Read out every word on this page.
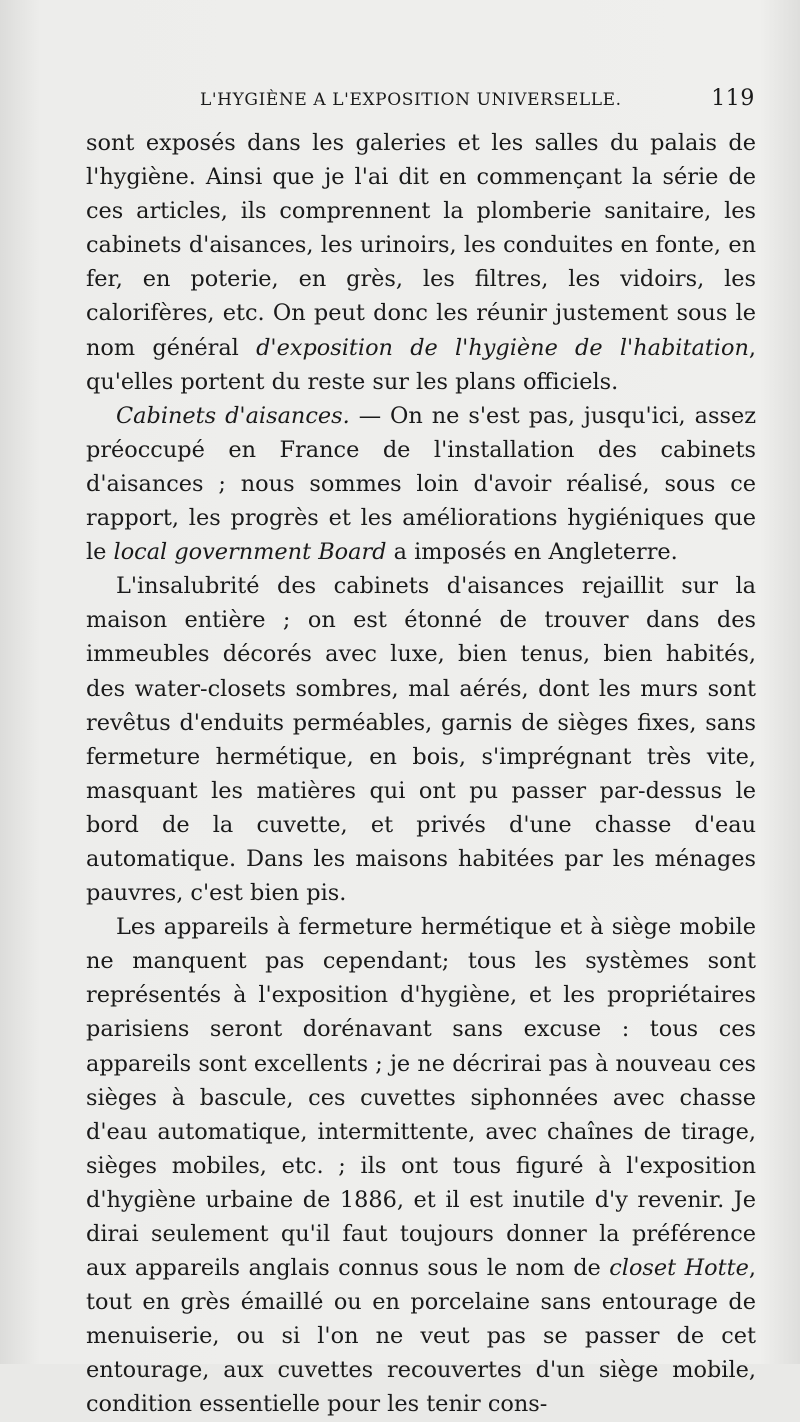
L'HYGIÈNE A L'EXPOSITION UNIVERSELLE.	119

sont exposés dans les galeries et les salles du palais de l'hygiène. Ainsi que je l'ai dit en commençant la série de ces articles, ils comprennent la plomberie sanitaire, les cabinets d'aisances, les urinoirs, les conduites en fonte, en fer, en poterie, en grès, les filtres, les vidoirs, les calorifères, etc. On peut donc les réunir justement sous le nom général d'exposition de l'hygiène de l'habitation, qu'elles portent du reste sur les plans officiels.

Cabinets d'aisances. — On ne s'est pas, jusqu'ici, assez préoccupé en France de l'installation des cabinets d'aisances ; nous sommes loin d'avoir réalisé, sous ce rapport, les progrès et les améliorations hygiéniques que le local government Board a imposés en Angleterre.

L'insalubrité des cabinets d'aisances rejaillit sur la maison entière ; on est étonné de trouver dans des immeubles décorés avec luxe, bien tenus, bien habités, des water-closets sombres, mal aérés, dont les murs sont revêtus d'enduits perméables, garnis de sièges fixes, sans fermeture hermétique, en bois, s'imprégnant très vite, masquant les matières qui ont pu passer par-dessus le bord de la cuvette, et privés d'une chasse d'eau automatique. Dans les maisons habitées par les ménages pauvres, c'est bien pis.

Les appareils à fermeture hermétique et à siège mobile ne manquent pas cependant; tous les systèmes sont représentés à l'exposition d'hygiène, et les propriétaires parisiens seront dorénavant sans excuse : tous ces appareils sont excellents ; je ne décrirai pas à nouveau ces sièges à bascule, ces cuvettes siphonnées avec chasse d'eau automatique, intermittente, avec chaînes de tirage, sièges mobiles, etc. ; ils ont tous figuré à l'exposition d'hygiène urbaine de 1886, et il est inutile d'y revenir. Je dirai seulement qu'il faut toujours donner la préférence aux appareils anglais connus sous le nom de closet Hotte, tout en grès émaillé ou en porcelaine sans entourage de menuiserie, ou si l'on ne veut pas se passer de cet entourage, aux cuvettes recouvertes d'un siège mobile, condition essentielle pour les tenir cons-
